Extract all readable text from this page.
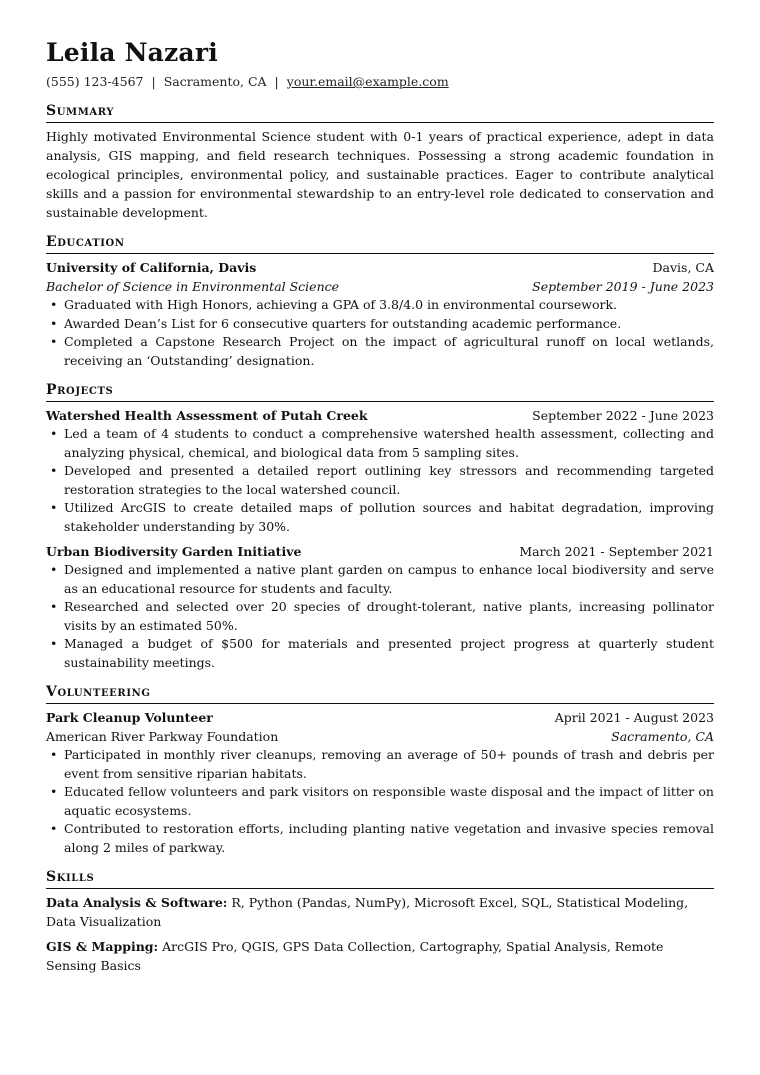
Leila Nazari
(555) 123-4567 | Sacramento, CA | your.email@example.com
Summary
Highly motivated Environmental Science student with 0-1 years of practical experience, adept in data analysis, GIS mapping, and field research techniques. Possessing a strong academic foundation in ecological principles, environmental policy, and sustainable practices. Eager to contribute analytical skills and a passion for environmental stewardship to an entry-level role dedicated to conservation and sustainable development.
Education
University of California, Davis	Davis, CA
Bachelor of Science in Environmental Science	September 2019 - June 2023
• Graduated with High Honors, achieving a GPA of 3.8/4.0 in environmental coursework.
• Awarded Dean’s List for 6 consecutive quarters for outstanding academic performance.
• Completed a Capstone Research Project on the impact of agricultural runoff on local wetlands, receiving an ‘Outstanding’ designation.
Projects
Watershed Health Assessment of Putah Creek	September 2022 - June 2023
• Led a team of 4 students to conduct a comprehensive watershed health assessment, collecting and analyzing physical, chemical, and biological data from 5 sampling sites.
• Developed and presented a detailed report outlining key stressors and recommending targeted restoration strategies to the local watershed council.
• Utilized ArcGIS to create detailed maps of pollution sources and habitat degradation, improving stakeholder understanding by 30%.
Urban Biodiversity Garden Initiative	March 2021 - September 2021
• Designed and implemented a native plant garden on campus to enhance local biodiversity and serve as an educational resource for students and faculty.
• Researched and selected over 20 species of drought-tolerant, native plants, increasing pollinator visits by an estimated 50%.
• Managed a budget of $500 for materials and presented project progress at quarterly student sustainability meetings.
Volunteering
Park Cleanup Volunteer	April 2021 - August 2023
American River Parkway Foundation	Sacramento, CA
• Participated in monthly river cleanups, removing an average of 50+ pounds of trash and debris per event from sensitive riparian habitats.
• Educated fellow volunteers and park visitors on responsible waste disposal and the impact of litter on aquatic ecosystems.
• Contributed to restoration efforts, including planting native vegetation and invasive species removal along 2 miles of parkway.
Skills
Data Analysis & Software: R, Python (Pandas, NumPy), Microsoft Excel, SQL, Statistical Modeling, Data Visualization
GIS & Mapping: ArcGIS Pro, QGIS, GPS Data Collection, Cartography, Spatial Analysis, Remote Sensing Basics
